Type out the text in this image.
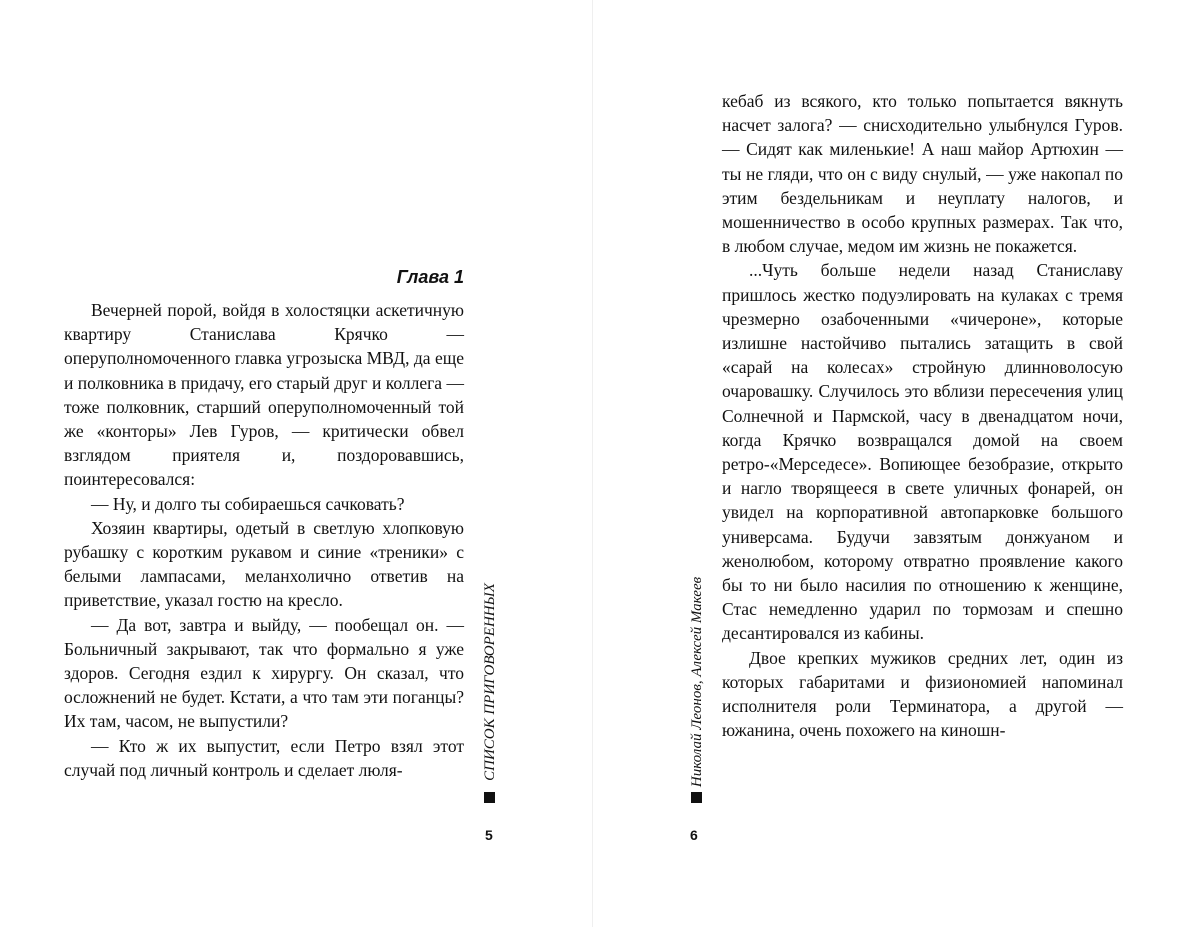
Глава 1

Вечерней порой, войдя в холостяцки аскетичную квартиру Станислава Крячко — оперуполномоченного главка угрозыска МВД, да еще и полковника в придачу, его старый друг и коллега — тоже полковник, старший оперуполномоченный той же «конторы» Лев Гуров, — критически обвел взглядом приятеля и, поздоровавшись, поинтересовался:

— Ну, и долго ты собираешься сачковать?

Хозяин квартиры, одетый в светлую хлопковую рубашку с коротким рукавом и синие «треники» с белыми лампасами, меланхолично ответив на приветствие, указал гостю на кресло.

— Да вот, завтра и выйду, — пообещал он. — Больничный закрывают, так что формально я уже здоров. Сегодня ездил к хирургу. Он сказал, что осложнений не будет. Кстати, а что там эти поганцы? Их там, часом, не выпустили?

— Кто ж их выпустит, если Петро взял этот случай под личный контроль и сделает люля-	СПИСОК ПРИГОВОРЕННЫХ
5

кебаб из всякого, кто только попытается вякнуть насчет залога? — снисходительно улыбнулся Гуров. — Сидят как миленькие! А наш майор Артюхин — ты не гляди, что он с виду снулый, — уже накопал по этим бездельникам и неуплату налогов, и мошенничество в особо крупных размерах. Так что, в любом случае, медом им жизнь не покажется.

...Чуть больше недели назад Станиславу пришлось жестко подуэлировать на кулаках с тремя чрезмерно озабоченными «чичероне», которые излишне настойчиво пытались затащить в свой «сарай на колесах» стройную длинноволосую очаровашку. Случилось это вблизи пересечения улиц Солнечной и Пармской, часу в двенадцатом ночи, когда Крячко возвращался домой на своем ретро-«Мерседесе». Вопиющее безобразие, открыто и нагло творящееся в свете уличных фонарей, он увидел на корпоративной автопарковке большого универсама. Будучи завзятым донжуаном и женолюбом, которому отвратно проявление какого бы то ни было насилия по отношению к женщине, Стас немедленно ударил по тормозам и спешно десантировался из кабины.

Двое крепких мужиков средних лет, один из которых габаритами и физиономией напоминал исполнителя роли Терминатора, а другой — южанина, очень похожего на киношн-

Николай Леонов, Алексей Макеев
6
